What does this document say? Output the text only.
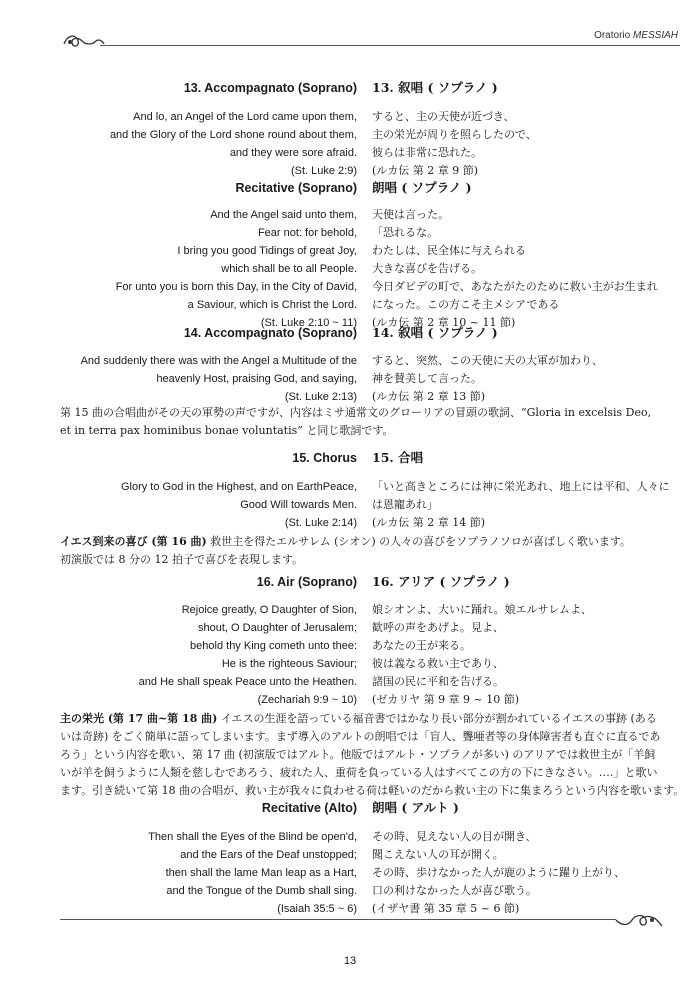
Oratorio MESSIAH
13. Accompagnato (Soprano) 13. 叙唱 ( ソプラノ )
And lo, an Angel of the Lord came upon them,
and the Glory of the Lord shone round about them,
and they were sore afraid.
(St. Luke 2:9)
すると、主の天使が近づき、
主の栄光が周りを照らしたので、
彼らは非常に恐れた。
(ルカ伝 第 2 章 9 節)
Recitative (Soprano) 朗唱 ( ソプラノ )
And the Angel said unto them,
Fear not: for behold,
I bring you good Tidings of great Joy,
which shall be to all People.
For unto you is born this Day, in the City of David,
a Saviour, which is Christ the Lord.
(St. Luke 2:10 ~ 11)
天使は言った。
「恐れるな。
わたしは、民全体に与えられる
大きな喜びを告げる。
今日ダビデの町で、あなたがたのために救い主がお生まれ
になった。この方こそ主メシアである
(ルカ伝 第 2 章 10 ~ 11 節)
14. Accompagnato (Soprano) 14. 叙唱 ( ソプラノ )
And suddenly there was with the Angel a Multitude of the
heavenly Host, praising God, and saying,
(St. Luke 2:13)
すると、突然、この天使に天の大軍が加わり、
神を賛美して言った。
(ルカ伝 第 2 章 13 節)
第 15 曲の合唱曲がその天の軍勢の声ですが、内容はミサ通常文のグローリアの冒頭の歌詞、“Gloria in excelsis Deo,
et in terra pax hominibus bonae voluntatis” と同じ歌詞です。
15. Chorus 15. 合唱
Glory to God in the Highest, and on EarthPeace,
Good Will towards Men.
(St. Luke 2:14)
「いと高きところには神に栄光あれ、地上には平和、人々に
は恩寵あれ」
(ルカ伝 第 2 章 14 節)
イエス到来の喜び (第 16 曲) 救世主を得たエルサレム (シオン) の人々の喜びをソプラノソロが喜ばしく歌います。
初演版では 8 分の 12 拍子で喜びを表現します。
16. Air (Soprano) 16. アリア ( ソプラノ )
Rejoice greatly, O Daughter of Sion,
shout, O Daughter of Jerusalem;
behold thy King cometh unto thee:
He is the righteous Saviour;
and He shall speak Peace unto the Heathen.
(Zechariah 9:9 ~ 10)
娘シオンよ、大いに踊れ。娘エルサレムよ、
歓呼の声をあげよ。見よ、
あなたの王が来る。
彼は義なる救い主であり、
諸国の民に平和を告げる。
(ゼカリヤ 第 9 章 9 ~ 10 節)
主の栄光 (第 17 曲~第 18 曲) イエスの生涯を語っている福音書ではかなり長い部分が割かれているイエスの事跡 (ある
いは奇跡) をごく簡単に語ってしまいます。まず導入のアルトの朗唱では「盲人、聾唖者等の身体障害者も直ぐに直るであ
ろう」という内容を歌い、第 17 曲 (初演版ではアルト。他版ではアルト・ソプラノが多い) のアリアでは救世主が「羊飼
いが羊を飼うように人類を慈しむであろう、疲れた人、重荷を負っている人はすべてこの方の下にきなさい。‥‥」と歌い
ます。引き続いて第 18 曲の合唱が、救い主が我々に負わせる荷は軽いのだから救い主の下に集まろうという内容を歌います。
Recitative (Alto) 朗唱 ( アルト )
Then shall the Eyes of the Blind be open'd,
and the Ears of the Deaf unstopped;
then shall the lame Man leap as a Hart,
and the Tongue of the Dumb shall sing.
(Isaiah 35:5 ~ 6)
その時、見えない人の目が開き、
聞こえない人の耳が開く。
その時、歩けなかった人が鹿のように躍り上がり、
口の利けなかった人が喜び歌う。
(イザヤ書 第 35 章 5 ~ 6 節)
13
